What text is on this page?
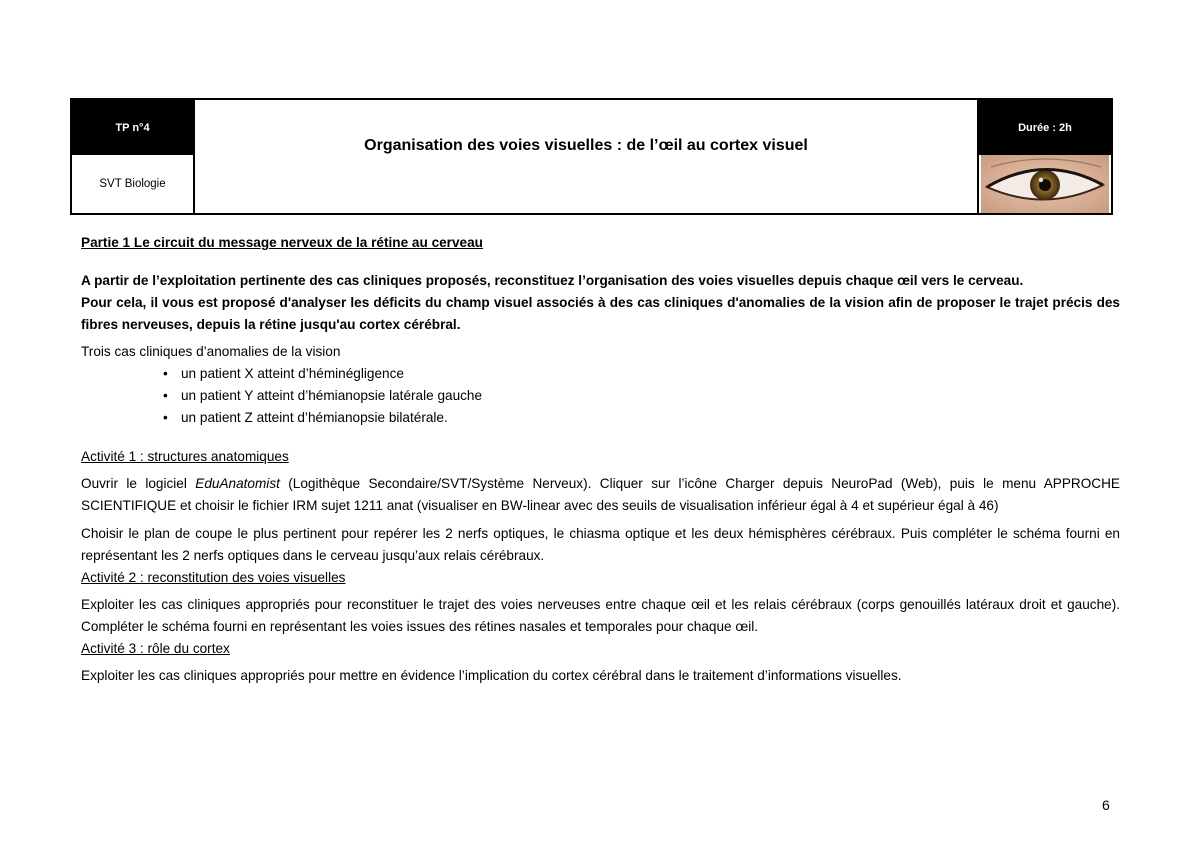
TP n°4
SVT Biologie
Organisation des voies visuelles : de l’œil au cortex visuel
Durée : 2h

Partie 1 Le circuit du message nerveux de la rétine au cerveau

A partir de l’exploitation pertinente des cas cliniques proposés, reconstituez l’organisation des voies visuelles depuis chaque œil vers le cerveau.

Pour cela, il vous est proposé d'analyser les déficits du champ visuel associés à des cas cliniques d'anomalies de la vision afin de proposer le trajet précis des fibres nerveuses, depuis la rétine jusqu'au cortex cérébral.

Trois cas cliniques d’anomalies de la vision

• un patient X atteint d’héminégligence
• un patient Y atteint d’hémianopsie latérale gauche
• un patient Z atteint d’hémianopsie bilatérale.

Activité 1 : structures anatomiques

Ouvrir le logiciel EduAnatomist (Logithèque Secondaire/SVT/Système Nerveux). Cliquer sur l’icône Charger depuis NeuroPad (Web), puis le menu APPROCHE SCIENTIFIQUE et choisir le fichier IRM sujet 1211 anat (visualiser en BW-linear avec des seuils de visualisation inférieur égal à 4 et supérieur égal à 46)

Choisir le plan de coupe le plus pertinent pour repérer les 2 nerfs optiques, le chiasma optique et les deux hémisphères cérébraux. Puis compléter le schéma fourni en représentant les 2 nerfs optiques dans le cerveau jusqu’aux relais cérébraux.

Activité 2 : reconstitution des voies visuelles

Exploiter les cas cliniques appropriés pour reconstituer le trajet des voies nerveuses entre chaque œil et les relais cérébraux (corps genouillés latéraux droit et gauche). Compléter le schéma fourni en représentant les voies issues des rétines nasales et temporales pour chaque œil.

Activité 3 : rôle du cortex

Exploiter les cas cliniques appropriés pour mettre en évidence l’implication du cortex cérébral dans le traitement d’informations visuelles.

6
